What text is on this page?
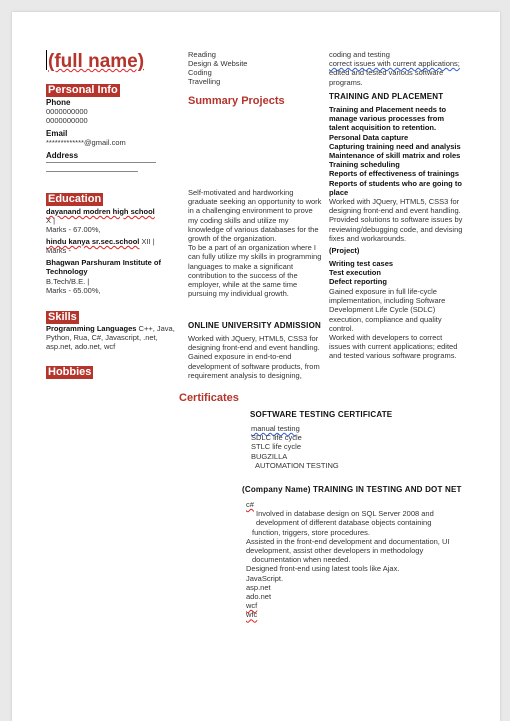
(full name)
Personal Info
Phone
0000000000
0000000000
Email
*************@gmail.com
Address
Education
dayanand modren high school
X |
Marks - 67.00%,
hindu kanya sr.sec.school XII |
Marks -
Bhagwan Parshuram Institute of Technology
B.Tech/B.E. |
Marks - 65.00%,
Skills
Programming Languages C++, Java,
Python, Rua, C#, Javascript, .net,
asp.net, ado.net, wcf
Hobbies
Reading
Design & Website
Coding
Travelling
Summary Projects
Self-motivated and hardworking
graduate seeking an opportunity to work
in a challenging environment to prove
my coding skills and utilize my
knowledge of various databases for the
growth of the organization.
To be a part of an organization where I
can fully utilize my skills in programming
languages to make a significant
contribution to the success of the
employer, while at the same time
pursuing my individual growth.
ONLINE UNIVERSITY ADMISSION
Worked with JQuery, HTML5, CSS3 for
designing front-end and event handling.
Gained exposure in end-to-end
development of software products, from
requirement analysis to designing,
coding and testing
correct issues with current applications;
edited and tested various software
programs.
TRAINING AND PLACEMENT
Training and Placement needs to
manage various processes from
talent acquisition to retention.
Personal Data capture
Capturing training need and analysis
Maintenance of skill matrix and roles
Training scheduling
Reports of effectiveness of trainings
Reports of students who are going to
place
Worked with JQuery, HTML5, CSS3 for
designing front-end and event handling.
Provided solutions to software issues by
reviewing/debugging code, and devising
fixes and workarounds.
(Project)
Writing test cases
Test execution
Defect reporting
Gained exposure in full life-cycle
implementation, including Software
Development Life Cycle (SDLC)
execution, compliance and quality
control.
Worked with developers to correct
issues with current applications; edited
and tested various software programs.
Certificates
SOFTWARE TESTING CERTIFICATE
manual testing
SDLC life cycle
STLC life cycle
BUGZILLA
AUTOMATION TESTING
(Company Name) TRAINING IN TESTING AND DOT NET
c#
Involved in database design on SQL Server 2008 and
development of different database objects containing
function, triggers, store procedures.
Assisted in the front-end development and documentation, UI
development, assist other developers in methodology
documentation when needed.
Designed front-end using latest tools like Ajax.
JavaScript.
asp.net
ado.net
wcf
wfc
